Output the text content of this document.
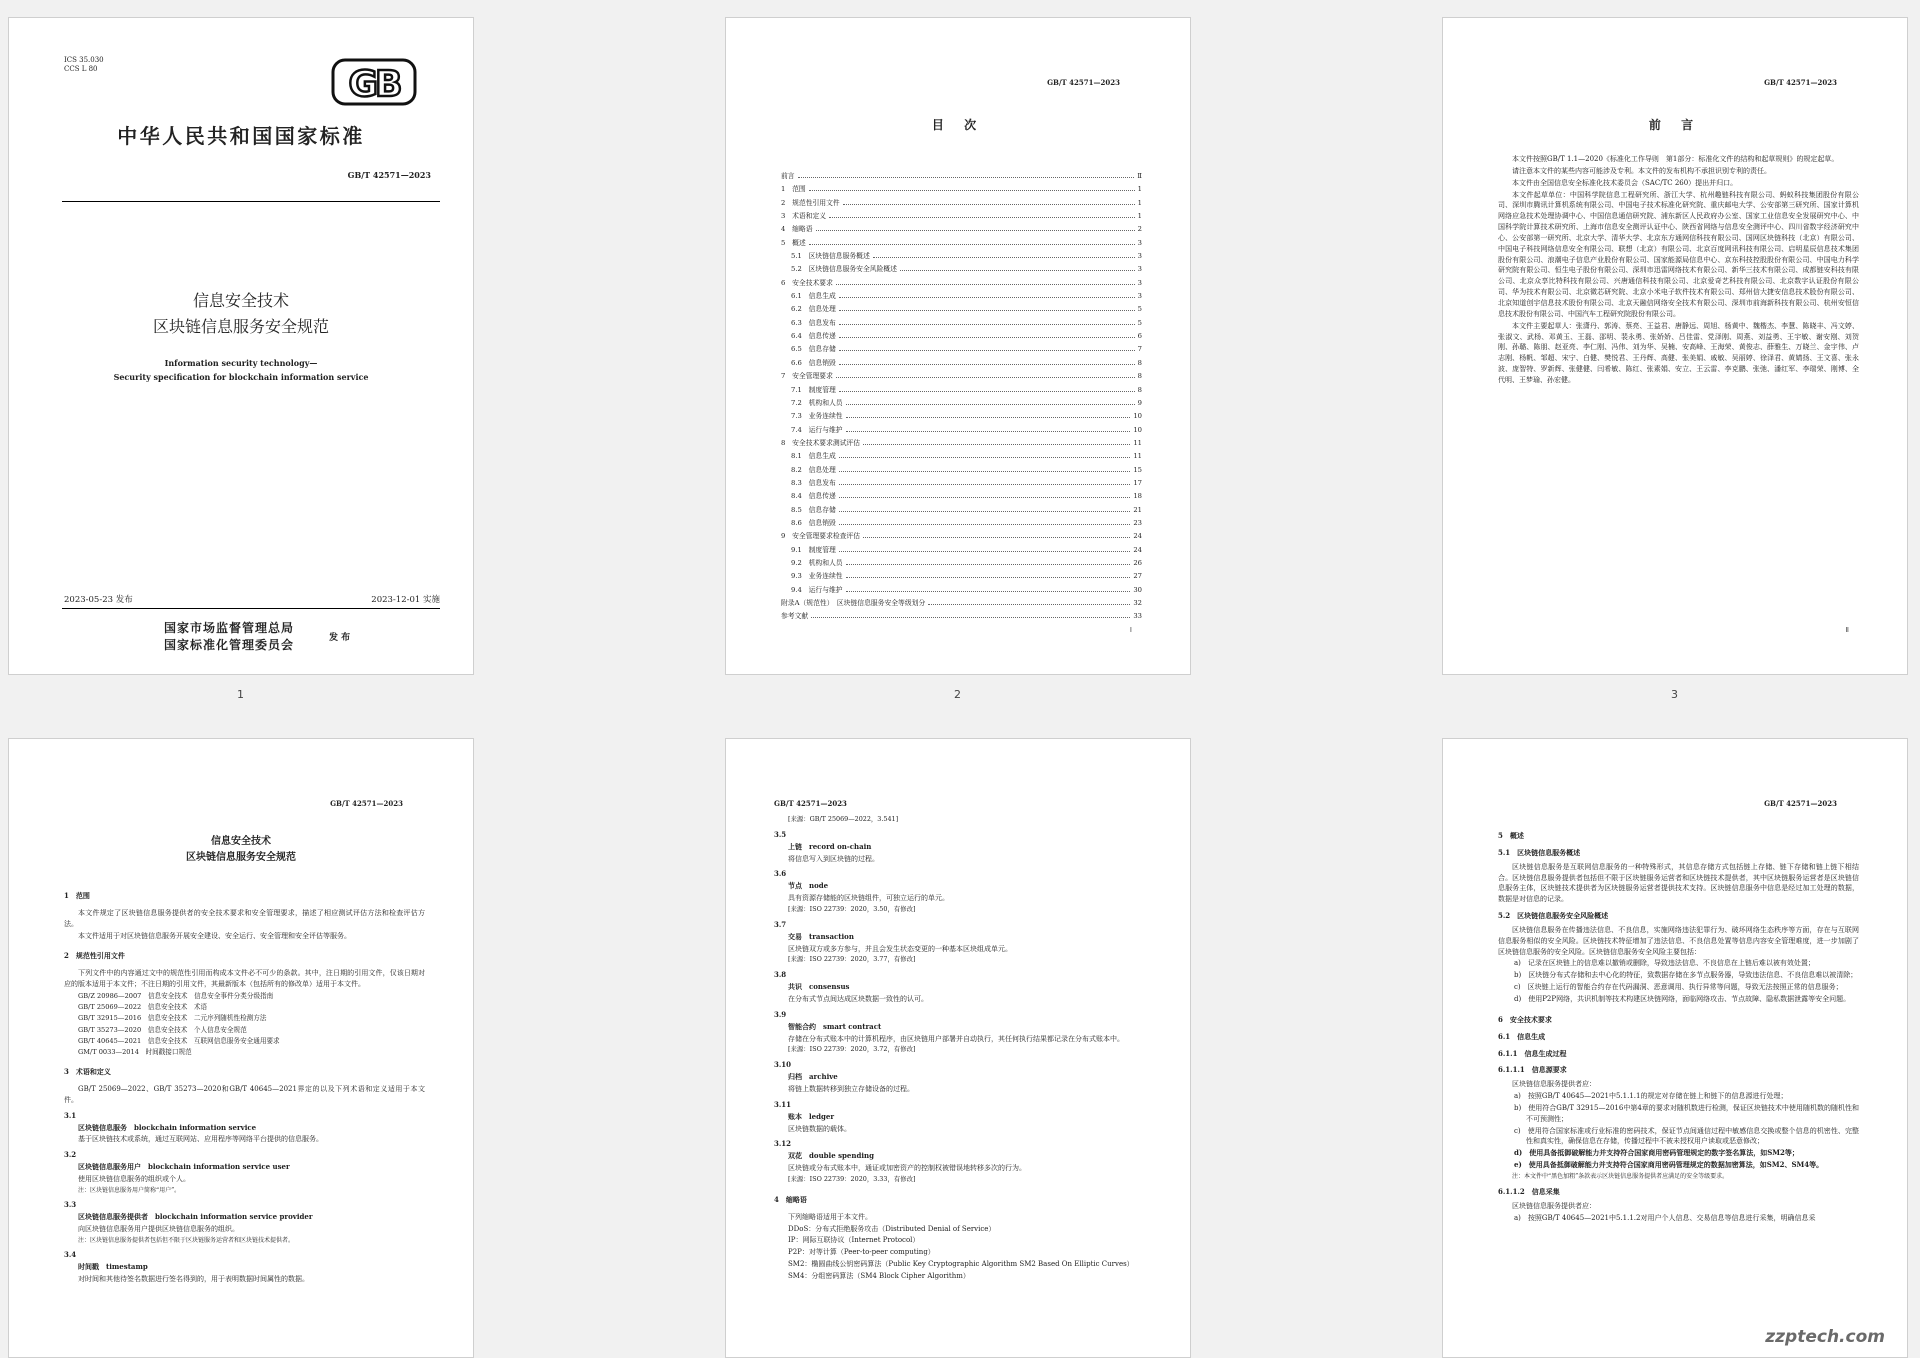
ICS 35.030
CCS L 80	GB
中华人民共和国国家标准
GB/T 42571—2023
信息安全技术
区块链信息服务安全规范
Information security technology—
Security specification for blockchain information service
2023-05-23 发布	2023-12-01 实施
国家市场监督管理总局
国家标准化管理委员会	发 布
1
GB/T 42571—2023
目 次
前言	Ⅱ
1　范围	1
2　规范性引用文件	1
3　术语和定义	1
4　缩略语	2
5　概述	3
5.1　区块链信息服务概述	3
5.2　区块链信息服务安全风险概述	3
6　安全技术要求	3
6.1　信息生成	3
6.2　信息处理	5
6.3　信息发布	5
6.4　信息传递	6
6.5　信息存储	7
6.6　信息销毁	8
7　安全管理要求	8
7.1　制度管理	8
7.2　机构和人员	9
7.3　业务连续性	10
7.4　运行与维护	10
8　安全技术要求测试评估	11
8.1　信息生成	11
8.2　信息处理	15
8.3　信息发布	17
8.4　信息传递	18
8.5　信息存储	21
8.6　信息销毁	23
9　安全管理要求检查评估	24
9.1　制度管理	24
9.2　机构和人员	26
9.3　业务连续性	27
9.4　运行与维护	30
附录A（规范性）　区块链信息服务安全等级划分	32
参考文献	33
I
2
GB/T 42571—2023
前 言

本文件按照GB/T 1.1—2020《标准化工作导则　第1部分：标准化文件的结构和起草规则》的规定起草。

请注意本文件的某些内容可能涉及专利。本文件的发布机构不承担识别专利的责任。

本文件由全国信息安全标准化技术委员会（SAC/TC 260）提出并归口。

本文件起草单位：中国科学院信息工程研究所、浙江大学、杭州趣链科技有限公司、蚂蚁科技集团股份有限公司、深圳市腾讯计算机系统有限公司、中国电子技术标准化研究院、重庆邮电大学、公安部第三研究所、国家计算机网络应急技术处理协调中心、中国信息通信研究院、浦东新区人民政府办公室、国家工业信息安全发展研究中心、中国科学院计算技术研究所、上海市信息安全测评认证中心、陕西省网络与信息安全测评中心、四川省数字经济研究中心、公安部第一研究所、北京大学、清华大学、北京东方通网信科技有限公司、国网区块链科技（北京）有限公司、中国电子科技网络信息安全有限公司、联想（北京）有限公司、北京百度网讯科技有限公司、启明星辰信息技术集团股份有限公司、浪潮电子信息产业股份有限公司、国家能源局信息中心、京东科技控股股份有限公司、中国电力科学研究院有限公司、恒生电子股份有限公司、深圳市迅雷网络技术有限公司、新华三技术有限公司、成都链安科技有限公司、北京众享比特科技有限公司、兴唐通信科技有限公司、北京爱奇艺科技有限公司、北京数字认证股份有限公司、华为技术有限公司、北京微芯研究院、北京小米电子软件技术有限公司、郑州信大捷安信息技术股份有限公司、北京知道创宇信息技术股份有限公司、北京天融信网络安全技术有限公司、深圳市前海新科技有限公司、杭州安恒信息技术股份有限公司、中国汽车工程研究院股份有限公司。

本文件主要起草人：张潇丹、郭涛、蔡亮、王益君、唐静远、周旭、杨黄中、魏楷杰、李慧、陈晓丰、冯文婷、张淑文、武杨、邓黄玉、王磊、邵明、裴永勇、张娇娇、吕佳雷、党泽刚、周燕、刘益勇、王宇敏、谢安刚、刘贺刚、孙璐、陈朋、赵亚亮、李仁刚、冯伟、刘为华、吴楠、安高峰、王海荣、黄俊志、薛雅生、万晓兰、金宇伟、卢志刚、杨帆、邹超、宋宁、白健、樊悦君、王丹辉、高健、张美娟、戚敏、吴丽婷、徐泽君、黄婧扬、王文喜、张永波、庞智特、罗新辉、张健健、闫希敏、陈红、张素娟、安立、王云雷、李克鹏、张弛、潘红军、李瑞荣、刚博、全代明、王梦瑜、孙宏健。

Ⅱ
3
GB/T 42571—2023
信息安全技术
区块链信息服务安全规范
1　范围

本文件规定了区块链信息服务提供者的安全技术要求和安全管理要求，描述了相应测试评估方法和检查评估方法。

本文件适用于对区块链信息服务开展安全建设、安全运行、安全管理和安全评估等服务。

2　规范性引用文件

下列文件中的内容通过文中的规范性引用而构成本文件必不可少的条款。其中，注日期的引用文件，仅该日期对应的版本适用于本文件；不注日期的引用文件，其最新版本（包括所有的修改单）适用于本文件。

GB/Z 20986—2007　信息安全技术　信息安全事件分类分级指南
GB/T 25069—2022　信息安全技术　术语
GB/T 32915—2016　信息安全技术　二元序列随机性检测方法
GB/T 35273—2020　信息安全技术　个人信息安全规范
GB/T 40645—2021　信息安全技术　互联网信息服务安全通用要求
GM/T 0033—2014　时间戳接口规范
3　术语和定义

GB/T 25069—2022、GB/T 35273—2020和GB/T 40645—2021界定的以及下列术语和定义适用于本文件。

3.1
区块链信息服务　blockchain information service
基于区块链技术或系统，通过互联网站、应用程序等网络平台提供的信息服务。
3.2
区块链信息服务用户　blockchain information service user
使用区块链信息服务的组织或个人。
注：区块链信息服务用户简称“用户”。
3.3
区块链信息服务提供者　blockchain information service provider
向区块链信息服务用户提供区块链信息服务的组织。
注：区块链信息服务提供者包括但不限于区块链服务运营者和区块链技术提供者。
3.4
时间戳　timestamp
对时间和其他待签名数据进行签名得到的，用于表明数据时间属性的数据。
GB/T 42571—2023
[来源：GB/T 25069—2022，3.541]
3.5
上链　record on-chain
将信息写入到区块链的过程。
3.6
节点　node
具有资源存储能的区块链组件，可独立运行的单元。
[来源：ISO 22739：2020，3.50，有修改]
3.7
交易　transaction
区块链双方或多方参与，并且会发生状态变更的一种基本区块组成单元。
[来源：ISO 22739：2020，3.77，有修改]
3.8
共识　consensus
在分布式节点间达成区块数据一致性的认可。
3.9
智能合约　smart contract
存储在分布式账本中的计算机程序，由区块链用户部署并自动执行，其任何执行结果都记录在分布式账本中。
[来源：ISO 22739：2020，3.72，有修改]
3.10
归档　archive
将链上数据转移到独立存储设备的过程。
3.11
账本　ledger
区块链数据的载体。
3.12
双花　double spending
区块链或分布式账本中，通证或加密资产的控制权被错误地转移多次的行为。
[来源：ISO 22739：2020，3.33，有修改]
4　缩略语

下列缩略语适用于本文件。

DDoS：分布式拒绝服务攻击（Distributed Denial of Service）
IP：网际互联协议（Internet Protocol）
P2P：对等计算（Peer-to-peer computing）
SM2：椭圆曲线公钥密码算法（Public Key Cryptographic Algorithm SM2 Based On Elliptic Curves）
SM4：分组密码算法（SM4 Block Cipher Algorithm）
GB/T 42571—2023
5　概述
5.1　区块链信息服务概述

区块链信息服务是互联网信息服务的一种特殊形式，其信息存储方式包括链上存储、链下存储和链上链下相结合。区块链信息服务提供者包括但不限于区块链服务运营者和区块链技术提供者，其中区块链服务运营者是区块链信息服务主体，区块链技术提供者为区块链服务运营者提供技术支持。区块链信息服务中信息是经过加工处理的数据，数据是对信息的记录。

5.2　区块链信息服务安全风险概述

区块链信息服务在传播违法信息、不良信息，实施网络违法犯罪行为、破坏网络生态秩序等方面，存在与互联网信息服务相似的安全风险。区块链技术特征增加了违法信息、不良信息处置等信息内容安全管理难度，进一步加剧了区块链信息服务的安全风险。区块链信息服务安全风险主要包括：

a)　记录在区块链上的信息难以撤销或删除，导致违法信息、不良信息在上链后难以被有效处置；
b)　区块链分布式存储和去中心化的特征，致数据存储在多节点服务器，导致违法信息、不良信息难以被清除；
c)　区块链上运行的智能合约存在代码漏洞、恶意调用、执行异常等问题，导致无法按照正常的信息服务；
d)　使用P2P网络，共识机制等技术构建区块链网络，面临网络攻击、节点故障、隐私数据泄露等安全问题。
6　安全技术要求
6.1　信息生成
6.1.1　信息生成过程
6.1.1.1　信息源要求

区块链信息服务提供者应：

a)　按照GB/T 40645—2021中5.1.1.1的规定对存储在链上和链下的信息源进行处理；
b)　使用符合GB/T 32915—2016中第4章的要求对随机数进行检测，保证区块链技术中使用随机数的随机性和不可预测性；
c)　使用符合国家标准或行业标准的密码技术，保证节点间通信过程中敏感信息交换或整个信息的机密性、完整性和真实性，确保信息在存储，传播过程中不被未授权用户读取或恶意修改；
d)　使用具备抵御破解能力并支持符合国家商用密码管理规定的数字签名算法，如SM2等；
e)　使用具备抵御破解能力并支持符合国家商用密码管理规定的数据加密算法，如SM2、SM4等。
注：本文件中“黑色加粗”条款表示区块链信息服务提供者应满足的安全等级要求。
6.1.1.2　信息采集

区块链信息服务提供者应：

a)　按照GB/T 40645—2021中5.1.1.2对用户个人信息、交易信息等信息进行采集，明确信息采
zzptech.com
